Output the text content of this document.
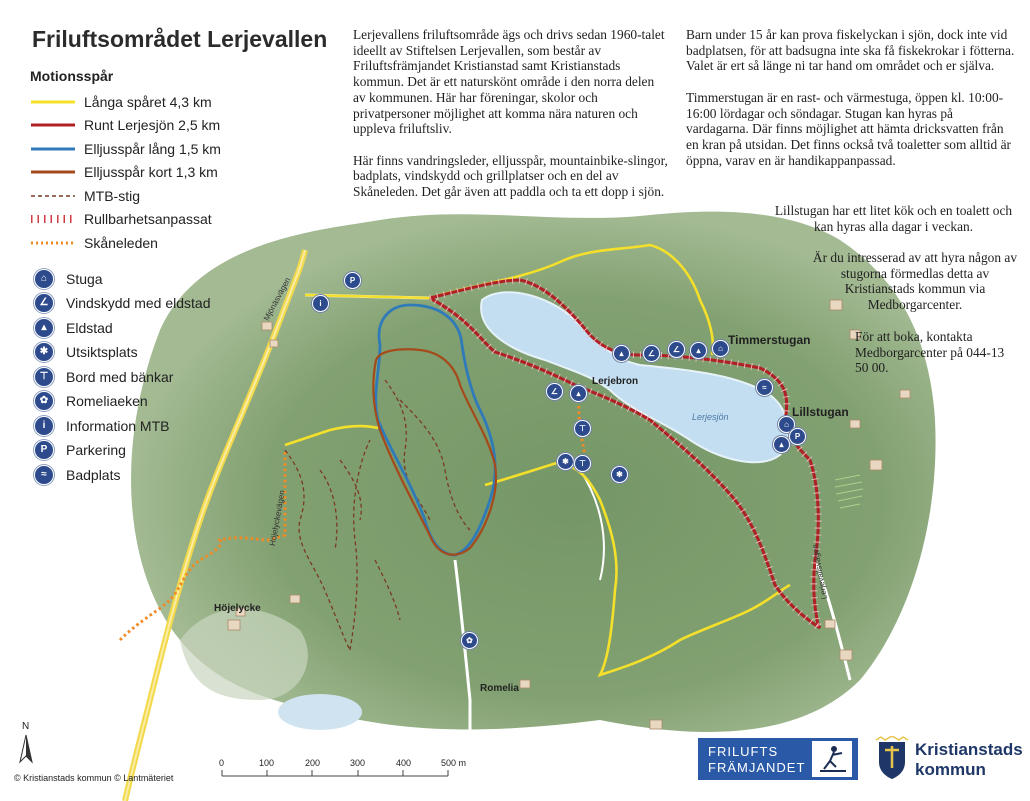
Friluftsområdet Lerjevallen
Motionsspår
Långa spåret 4,3 km
Runt Lerjesjön 2,5 km
Elljusspår lång 1,5 km
Elljusspår kort 1,3 km
MTB-stig
Rullbarhetsanpassat
Skåneleden
⌂	Stuga
∠	Vindskydd med eldstad
▴	Eldstad
✱	Utsiktsplats
⊤	Bord med bänkar
✿	Romeliaeken
i	Information MTB
P	Parkering
≈	Badplats

Lerjevallens friluftsområde ägs och drivs sedan 1960-talet ideellt av Stiftelsen Lerjevallen, som består av Friluftsfrämjandet Kristianstad samt Kristianstads kommun. Det är ett naturskönt område i den norra delen av kommunen. Här har föreningar, skolor och privatpersoner möjlighet att komma nära naturen och uppleva friluftsliv.

Här finns vandringsleder, elljusspår, mountainbike-slingor, badplats, vindskydd och grillplatser och en del av Skåneleden. Det går även att paddla och ta ett dopp i sjön.

Barn under 15 år kan prova fiskelyckan i sjön, dock inte vid badplatsen, för att badsugna inte ska få fiskekrokar i fötterna. Valet är ert så länge ni tar hand om området och er själva.

Timmerstugan är en rast- och värmestuga, öppen kl. 10:00-16:00 lördagar och söndagar. Stugan kan hyras på vardagarna. Där finns möjlighet att hämta dricksvatten från en kran på utsidan. Det finns också två toaletter som alltid är öppna, varav en är handikappanpassad.

Lillstugan har ett litet kök och en toalett och kan hyras alla dagar i veckan.
Är du intresserad av att hyra någon av stugorna förmedlas detta av Kristianstads kommun via Medborgarcenter.
För att boka, kontakta Medborgarcenter på 044-13 50 00.
Timmerstugan
Lillstugan
Lerjebron
Lerjesjön
Höjelycke
Romelia
Mjönäsvägen
Höjelyckevägen
Lerjevallsvägen
P
i
▴	∠	∠	▴	⌂
≈
⌂
P
▴
∠	▴
⊤
✱	⊤
✱
✿
0	100	200	300	400	500 m
N
© Kristianstads kommun © Lantmäteriet
FRILUFTS
FRÄMJANDET
Kristianstads
kommun
